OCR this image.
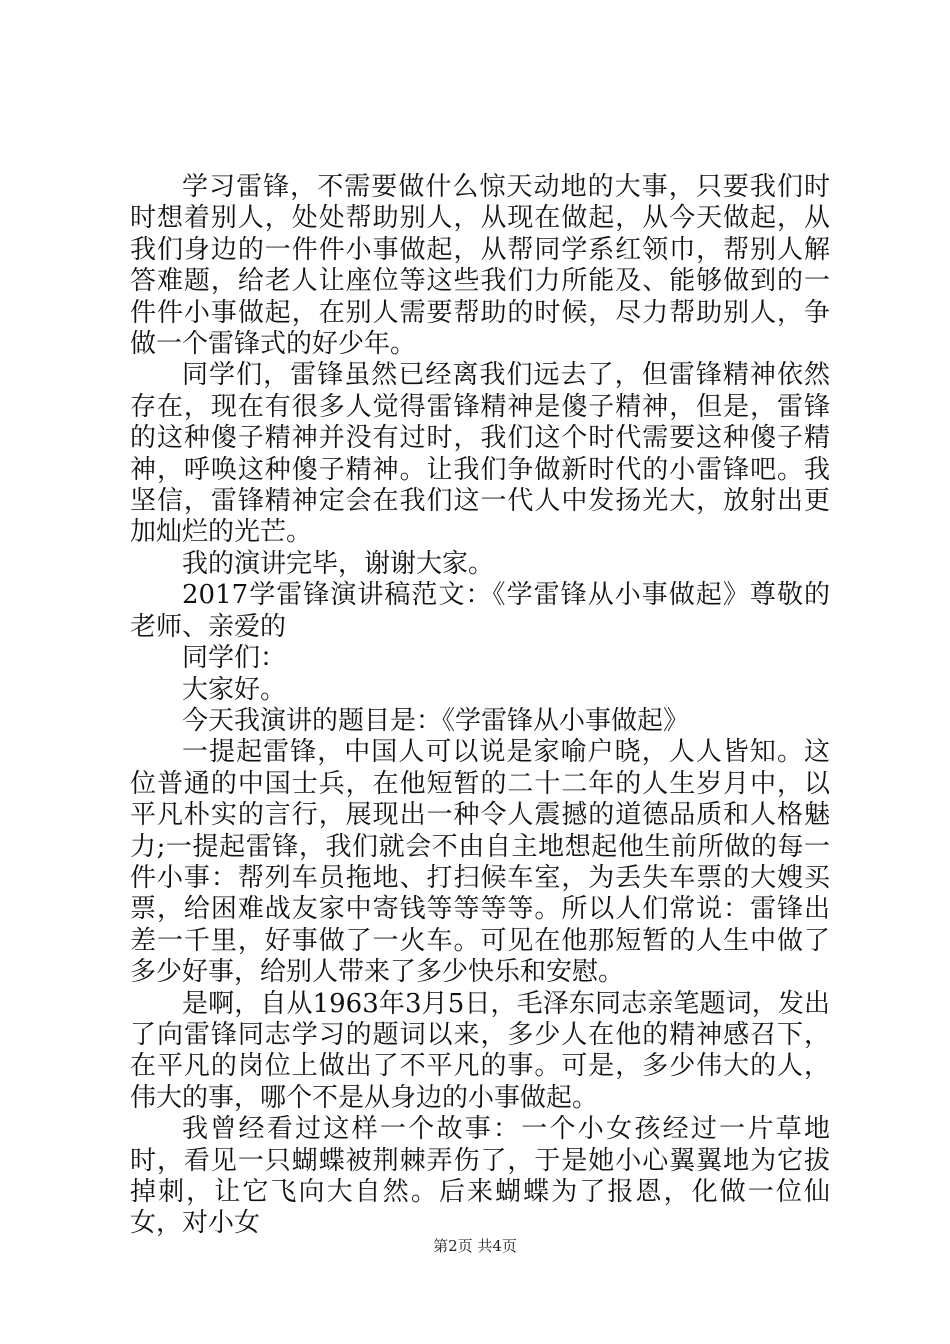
学习雷锋，不需要做什么惊天动地的大事，只要我们时时想着别人，处处帮助别人，从现在做起，从今天做起，从我们身边的一件件小事做起，从帮同学系红领巾，帮别人解答难题，给老人让座位等这些我们力所能及、能够做到的一件件小事做起，在别人需要帮助的时候，尽力帮助别人，争做一个雷锋式的好少年。

同学们，雷锋虽然已经离我们远去了，但雷锋精神依然存在，现在有很多人觉得雷锋精神是傻子精神，但是，雷锋的这种傻子精神并没有过时，我们这个时代需要这种傻子精神，呼唤这种傻子精神。让我们争做新时代的小雷锋吧。我坚信，雷锋精神定会在我们这一代人中发扬光大，放射出更加灿烂的光芒。

我的演讲完毕，谢谢大家。

2017学雷锋演讲稿范文：《学雷锋从小事做起》尊敬的老师、亲爱的

同学们：

大家好。

今天我演讲的题目是：《学雷锋从小事做起》

一提起雷锋，中国人可以说是家喻户晓，人人皆知。这位普通的中国士兵，在他短暂的二十二年的人生岁月中，以平凡朴实的言行，展现出一种令人震撼的道德品质和人格魅力;一提起雷锋，我们就会不由自主地想起他生前所做的每一件小事：帮列车员拖地、打扫候车室，为丢失车票的大嫂买票，给困难战友家中寄钱等等等等。所以人们常说：雷锋出差一千里，好事做了一火车。可见在他那短暂的人生中做了多少好事，给别人带来了多少快乐和安慰。

是啊，自从1963年3月5日，毛泽东同志亲笔题词，发出了向雷锋同志学习的题词以来，多少人在他的精神感召下，在平凡的岗位上做出了不平凡的事。可是，多少伟大的人，伟大的事，哪个不是从身边的小事做起。

我曾经看过这样一个故事：一个小女孩经过一片草地时，看见一只蝴蝶被荆棘弄伤了，于是她小心翼翼地为它拔掉刺，让它飞向大自然。后来蝴蝶为了报恩，化做一位仙女，对小女

第2页 共4页
